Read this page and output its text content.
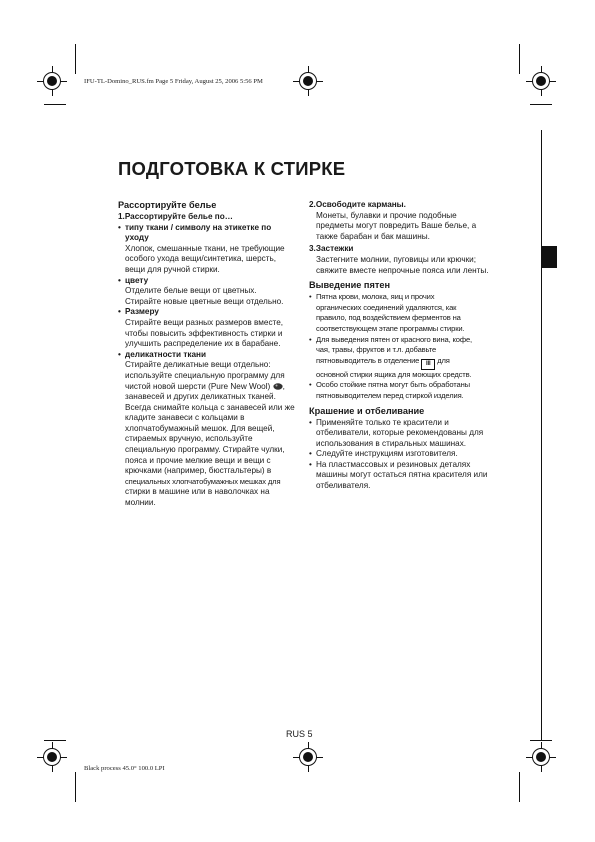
IFU-TL-Domino_RUS.fm Page 5 Friday, August 25, 2006 5:56 PM
Black process 45.0° 100.0 LPI
ПОДГОТОВКА К СТИРКЕ
Рассортируйте белье
1.Рассортируйте белье по…
• типу ткани / символу на этикетке по
уходу
Хлопок, смешанные ткани, не требующие
особого ухода вещи/синтетика, шерсть,
вещи для ручной стирки.
• цвету
Отделите белые вещи от цветных.
Стирайте новые цветные вещи отдельно.
• Размеру
Стирайте вещи разных размеров вместе,
чтобы повысить эффективность стирки и
улучшить распределение их в барабане.
• деликатности ткани
Стирайте деликатные вещи отдельно:
используйте специальную программу для
чистой новой шерсти (Pure New Wool) ,
занавесей и других деликатных тканей.
Всегда снимайте кольца с занавесей или же
кладите занавеси с кольцами в
хлопчатобумажный мешок. Для вещей,
стираемых вручную, используйте
специальную программу. Стирайте чулки,
пояса и прочие мелкие вещи и вещи с
крючками (например, бюстгальтеры) в
специальных хлопчатобумажных мешках для
стирки в машине или в наволочках на
молнии.
2.Освободите карманы.
Монеты, булавки и прочие подобные
предметы могут повредить Ваше белье, а
также барабан и бак машины.
3.Застежки
Застегните молнии, пуговицы или крючки;
свяжите вместе непрочные пояса или ленты.
Выведение пятен
• Пятна крови, молока, яиц и прочих
органических соединений удаляются, как
правило, под воздействием ферментов на
соответствующем этапе программы стирки.
• Для выведения пятен от красного вина, кофе,
чая, травы, фруктов и т.л. добавьте
пятновыводитель в отделение III для
основной стирки ящика для моющих средств.
• Особо стойкие пятна могут быть обработаны
пятновыводителем перед стиркой изделия.
Крашение и отбеливание
• Применяйте только те красители и
отбеливатели, которые рекомендованы для
использования в стиральных машинах.
• Следуйте инструкциям изготовителя.
• На пластмассовых и резиновых деталях
машины могут остаться пятна красителя или
отбеливателя.
RUS 5
